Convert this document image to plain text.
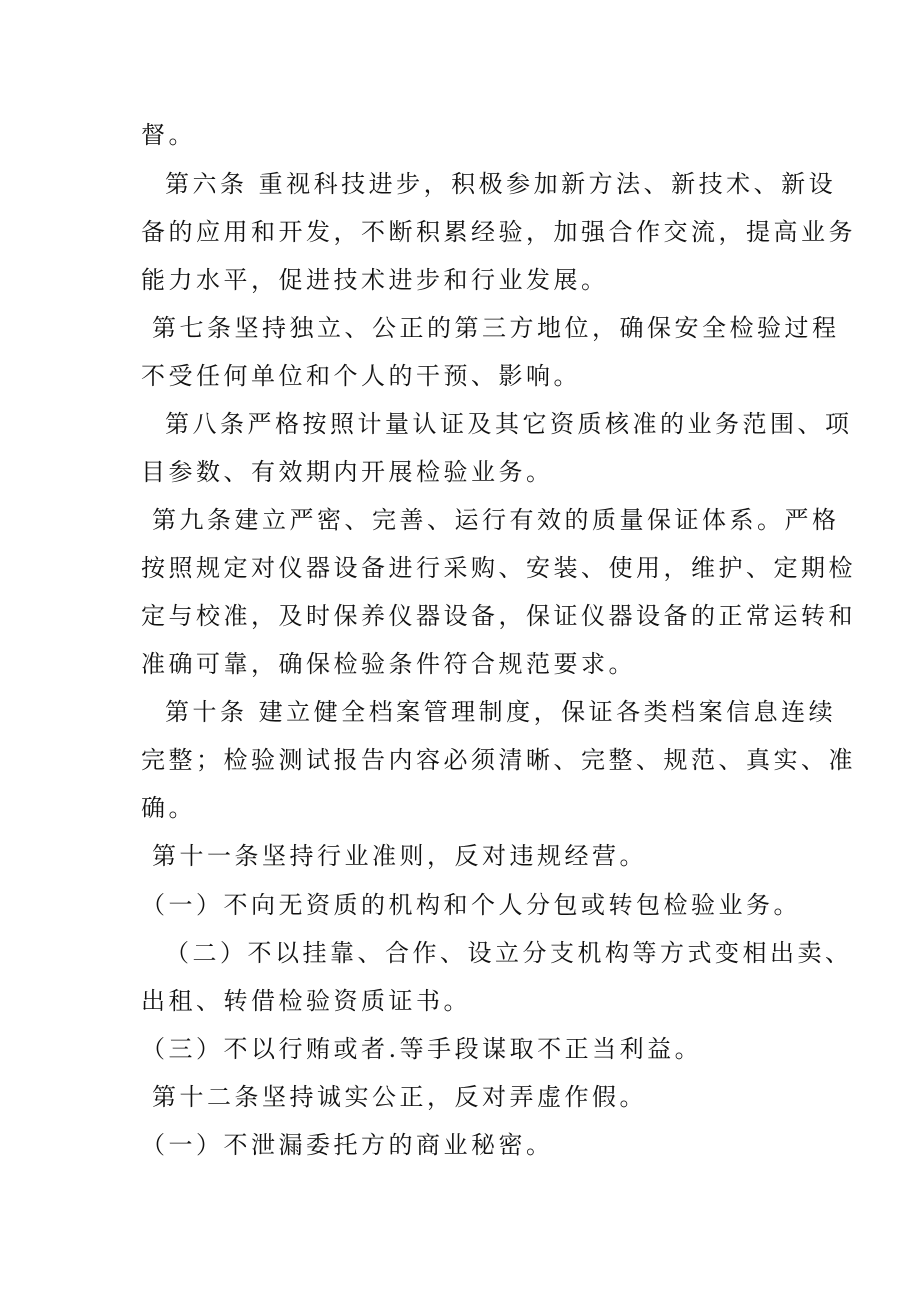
督。
第六条 重视科技进步，积极参加新方法、新技术、新设
备的应用和开发，不断积累经验，加强合作交流，提高业务
能力水平，促进技术进步和行业发展。
第七条坚持独立、公正的第三方地位，确保安全检验过程
不受任何单位和个人的干预、影响。
第八条严格按照计量认证及其它资质核准的业务范围、项
目参数、有效期内开展检验业务。
第九条建立严密、完善、运行有效的质量保证体系。严格
按照规定对仪器设备进行采购、安装、使用，维护、定期检
定与校准，及时保养仪器设备，保证仪器设备的正常运转和
准确可靠，确保检验条件符合规范要求。
第十条 建立健全档案管理制度，保证各类档案信息连续
完整；检验测试报告内容必须清晰、完整、规范、真实、准
确。
第十一条坚持行业准则，反对违规经营。
（一）不向无资质的机构和个人分包或转包检验业务。
（二）不以挂靠、合作、设立分支机构等方式变相出卖、
出租、转借检验资质证书。
（三）不以行贿或者.等手段谋取不正当利益。
第十二条坚持诚实公正，反对弄虚作假。
（一）不泄漏委托方的商业秘密。
